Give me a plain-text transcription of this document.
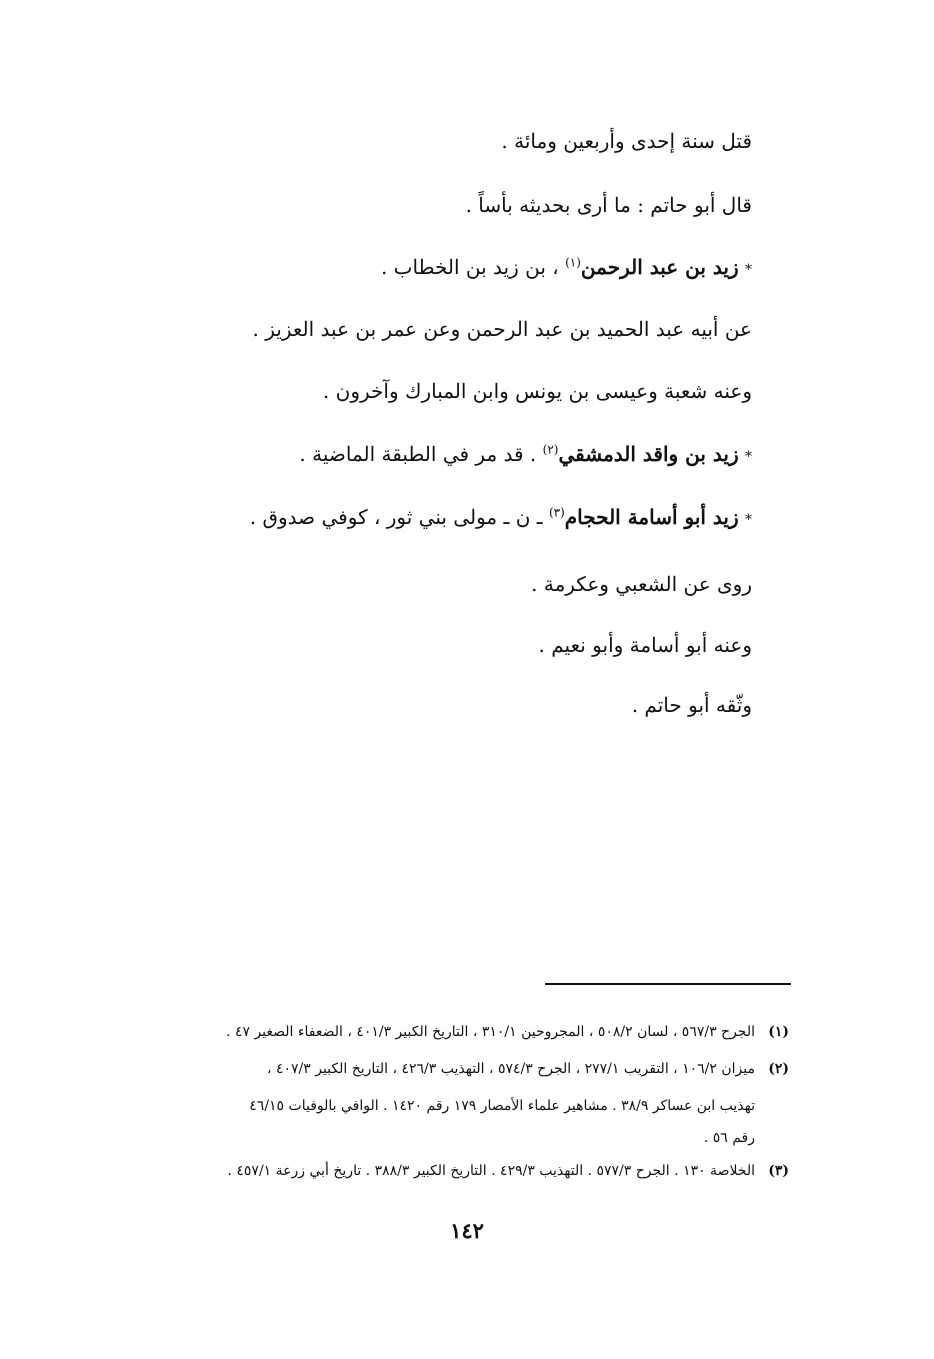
قتل سنة إحدى وأربعين ومائة .
قال أبو حاتم : ما أرى بحديثه بأساً .
* زيد بن عبد الرحمن$^{(١)}$ ، بن زيد بن الخطاب .
عن أبيه عبد الحميد بن عبد الرحمن وعن عمر بن عبد العزيز .
وعنه شعبة وعيسى بن يونس وابن المبارك وآخرون .
* زيد بن واقد الدمشقي$^{(٢)}$ . قد مر في الطبقة الماضية .
* زيد أبو أسامة الحجام$^{(٣)}$ ـ ن ـ مولى بني ثور ، كوفي صدوق .
روى عن الشعبي وعكرمة .
وعنه أبو أسامة وأبو نعيم .
وثّقه أبو حاتم .
(١)الجرح ٥٦٧/٣ ، لسان ٥٠٨/٢ ، المجروحين ٣١٠/١ ، التاريخ الكبير ٤٠١/٣ ، الضعفاء الصغير ٤٧ .
(٢)ميزان ١٠٦/٢ ، التقريب ٢٧٧/١ ، الجرح ٥٧٤/٣ ، التهذيب ٤٢٦/٣ ، التاريخ الكبير ٤٠٧/٣ ،
تهذيب ابن عساكر ٣٨/٩ . مشاهير علماء الأمصار ١٧٩ رقم ١٤٢٠ . الوافي بالوفيات ٤٦/١٥
رقم ٥٦ .
(٣)الخلاصة ١٣٠ . الجرح ٥٧٧/٣ . التهذيب ٤٢٩/٣ . التاريخ الكبير ٣٨٨/٣ . تاريخ أبي زرعة ٤٥٧/١ .
١٤٢
